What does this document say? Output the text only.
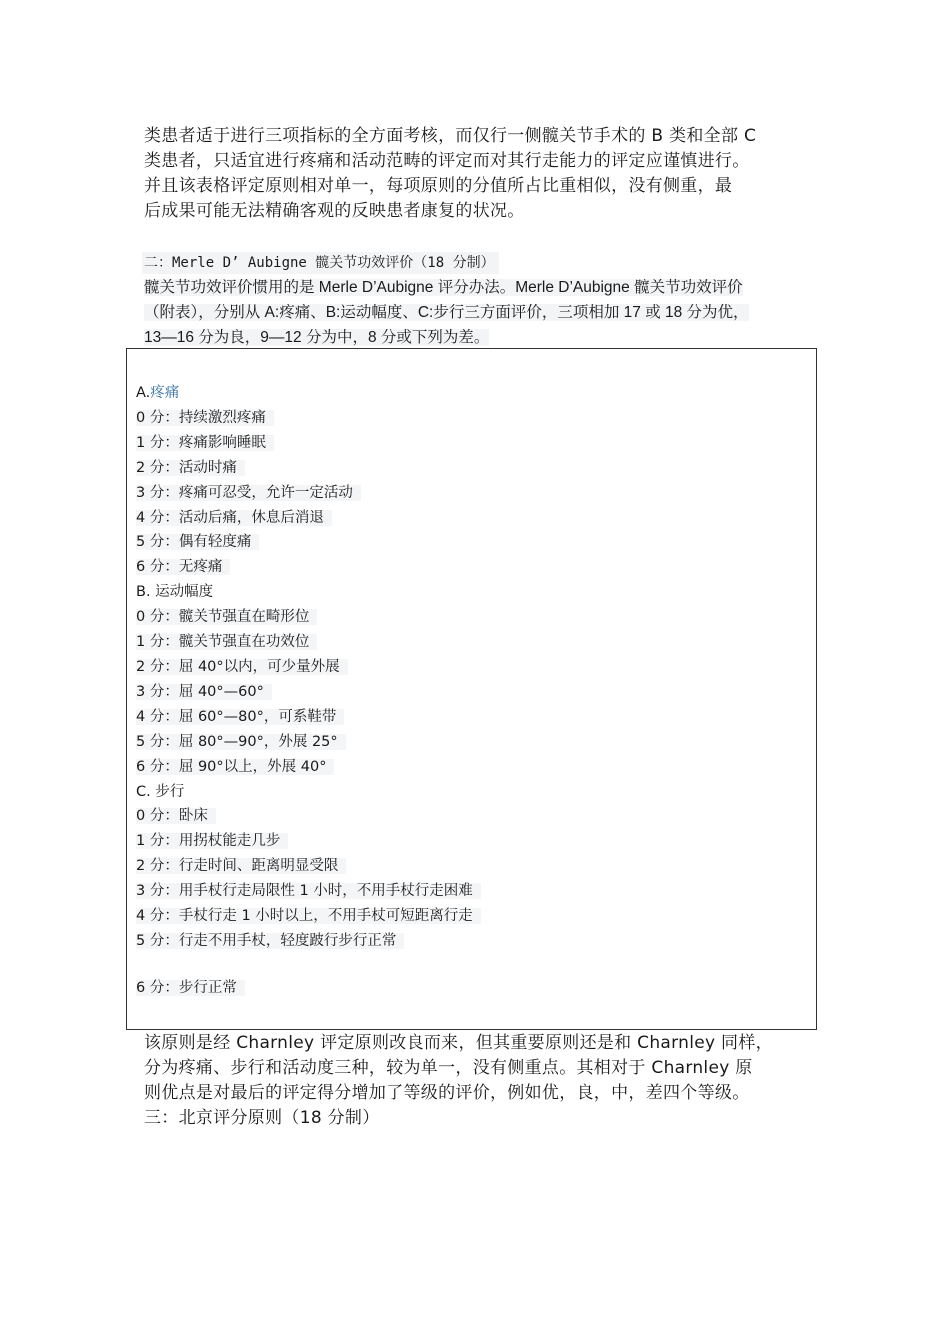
类患者适于进行三项指标的全方面考核，而仅行一侧髋关节手术的 B 类和全部 C

类患者，只适宜进行疼痛和活动范畴的评定而对其行走能力的评定应谨慎进行。

并且该表格评定原则相对单一，每项原则的分值所占比重相似，没有侧重，最

后成果可能无法精确客观的反映患者康复的状况。

二：Merle D’ Aubigne 髋关节功效评价（18 分制）

髋关节功效评价惯用的是 Merle D’Aubigne 评分办法。Merle D’Aubigne 髋关节功效评价

（附表），分别从 A:疼痛、B:运动幅度、C:步行三方面评价，三项相加 17 或 18 分为优，

13—16 分为良，9—12 分为中，8 分或下列为差。

A.疼痛
0 分：持续激烈疼痛
1 分：疼痛影响睡眠
2 分：活动时痛
3 分：疼痛可忍受，允许一定活动
4 分：活动后痛，休息后消退
5 分：偶有轻度痛
6 分：无疼痛
B. 运动幅度
0 分：髋关节强直在畸形位
1 分：髋关节强直在功效位
2 分：屈 40°以内，可少量外展
3 分：屈 40°—60°
4 分：屈 60°—80°，可系鞋带
5 分：屈 80°—90°，外展 25°
6 分：屈 90°以上，外展 40°
C. 步行
0 分：卧床
1 分：用拐杖能走几步
2 分：行走时间、距离明显受限
3 分：用手杖行走局限性 1 小时，不用手杖行走困难
4 分：手杖行走 1 小时以上，不用手杖可短距离行走
5 分：行走不用手杖，轻度跛行步行正常
6 分：步行正常

该原则是经 Charnley 评定原则改良而来，但其重要原则还是和 Charnley 同样，

分为疼痛、步行和活动度三种，较为单一，没有侧重点。其相对于 Charnley 原

则优点是对最后的评定得分增加了等级的评价，例如优，良，中，差四个等级。

三：北京评分原则（18 分制）
